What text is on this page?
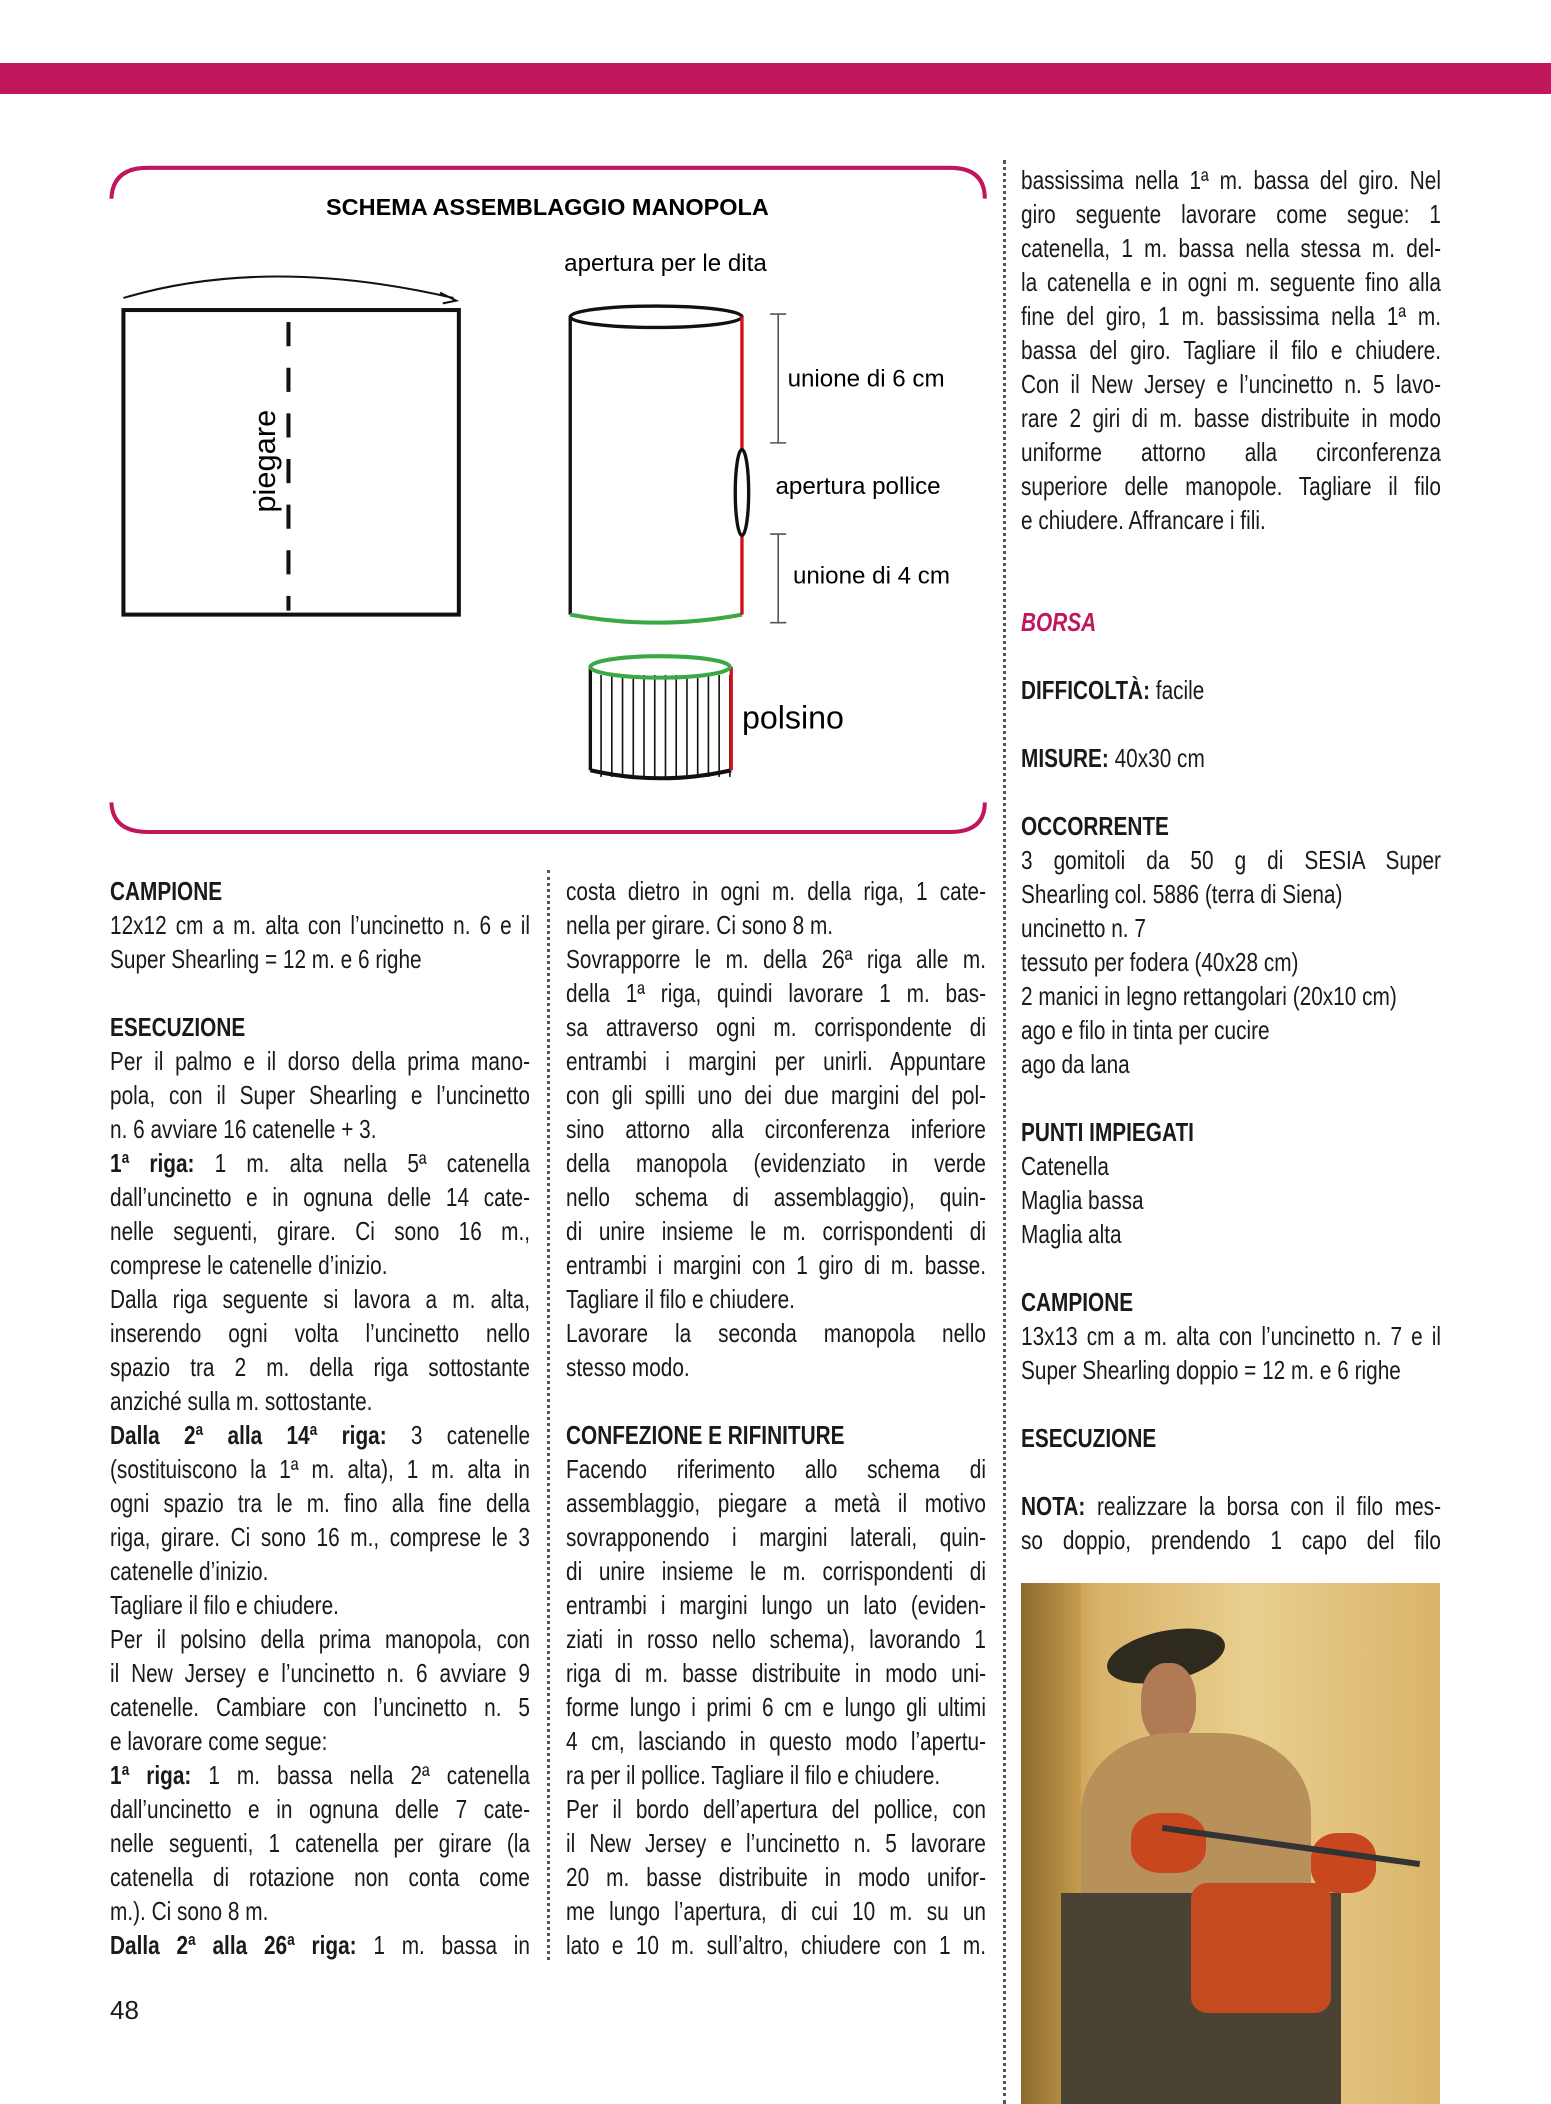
SCHEMA ASSEMBLAGGIO MANOPOLA
piegare
apertura per le dita
unione di 6 cm
apertura pollice
unione di 4 cm
polsino
CAMPIONE
12x12 cm a m. alta con l’uncinetto n. 6 e il
Super Shearling = 12 m. e 6 righe
ESECUZIONE
Per il palmo e il dorso della prima mano-
pola, con il Super Shearling e l’uncinetto
n. 6 avviare 16 catenelle + 3.
1ª riga: 1 m. alta nella 5ª catenella
dall’uncinetto e in ognuna delle 14 cate-
nelle seguenti, girare. Ci sono 16 m.,
comprese le catenelle d’inizio.
Dalla riga seguente si lavora a m. alta,
inserendo ogni volta l’uncinetto nello
spazio tra 2 m. della riga sottostante
anziché sulla m. sottostante.
Dalla 2ª alla 14ª riga: 3 catenelle
(sostituiscono la 1ª m. alta), 1 m. alta in
ogni spazio tra le m. fino alla fine della
riga, girare. Ci sono 16 m., comprese le 3
catenelle d’inizio.
Tagliare il filo e chiudere.
Per il polsino della prima manopola, con
il New Jersey e l’uncinetto n. 6 avviare 9
catenelle. Cambiare con l’uncinetto n. 5
e lavorare come segue:
1ª riga: 1 m. bassa nella 2ª catenella
dall’uncinetto e in ognuna delle 7 cate-
nelle seguenti, 1 catenella per girare (la
catenella di rotazione non conta come
m.). Ci sono 8 m.
Dalla 2ª alla 26ª riga: 1 m. bassa in
costa dietro in ogni m. della riga, 1 cate-
nella per girare. Ci sono 8 m.
Sovrapporre le m. della 26ª riga alle m.
della 1ª riga, quindi lavorare 1 m. bas-
sa attraverso ogni m. corrispondente di
entrambi i margini per unirli. Appuntare
con gli spilli uno dei due margini del pol-
sino attorno alla circonferenza inferiore
della manopola (evidenziato in verde
nello schema di assemblaggio), quin-
di unire insieme le m. corrispondenti di
entrambi i margini con 1 giro di m. basse.
Tagliare il filo e chiudere.
Lavorare la seconda manopola nello
stesso modo.
CONFEZIONE E RIFINITURE
Facendo riferimento allo schema di
assemblaggio, piegare a metà il motivo
sovrapponendo i margini laterali, quin-
di unire insieme le m. corrispondenti di
entrambi i margini lungo un lato (eviden-
ziati in rosso nello schema), lavorando 1
riga di m. basse distribuite in modo uni-
forme lungo i primi 6 cm e lungo gli ultimi
4 cm, lasciando in questo modo l’apertu-
ra per il pollice. Tagliare il filo e chiudere.
Per il bordo dell’apertura del pollice, con
il New Jersey e l’uncinetto n. 5 lavorare
20 m. basse distribuite in modo unifor-
me lungo l’apertura, di cui 10 m. su un
lato e 10 m. sull’altro, chiudere con 1 m.
bassissima nella 1ª m. bassa del giro. Nel
giro seguente lavorare come segue: 1
catenella, 1 m. bassa nella stessa m. del-
la catenella e in ogni m. seguente fino alla
fine del giro, 1 m. bassissima nella 1ª m.
bassa del giro. Tagliare il filo e chiudere.
Con il New Jersey e l’uncinetto n. 5 lavo-
rare 2 giri di m. basse distribuite in modo
uniforme attorno alla circonferenza
superiore delle manopole. Tagliare il filo
e chiudere. Affrancare i fili.
BORSA
DIFFICOLTÀ: facile
MISURE: 40x30 cm
OCCORRENTE
3 gomitoli da 50 g di SESIA Super
Shearling col. 5886 (terra di Siena)
uncinetto n. 7
tessuto per fodera (40x28 cm)
2 manici in legno rettangolari (20x10 cm)
ago e filo in tinta per cucire
ago da lana
PUNTI IMPIEGATI
Catenella
Maglia bassa
Maglia alta
CAMPIONE
13x13 cm a m. alta con l’uncinetto n. 7 e il
Super Shearling doppio = 12 m. e 6 righe
ESECUZIONE
NOTA: realizzare la borsa con il filo mes-
so doppio, prendendo 1 capo del filo
48
